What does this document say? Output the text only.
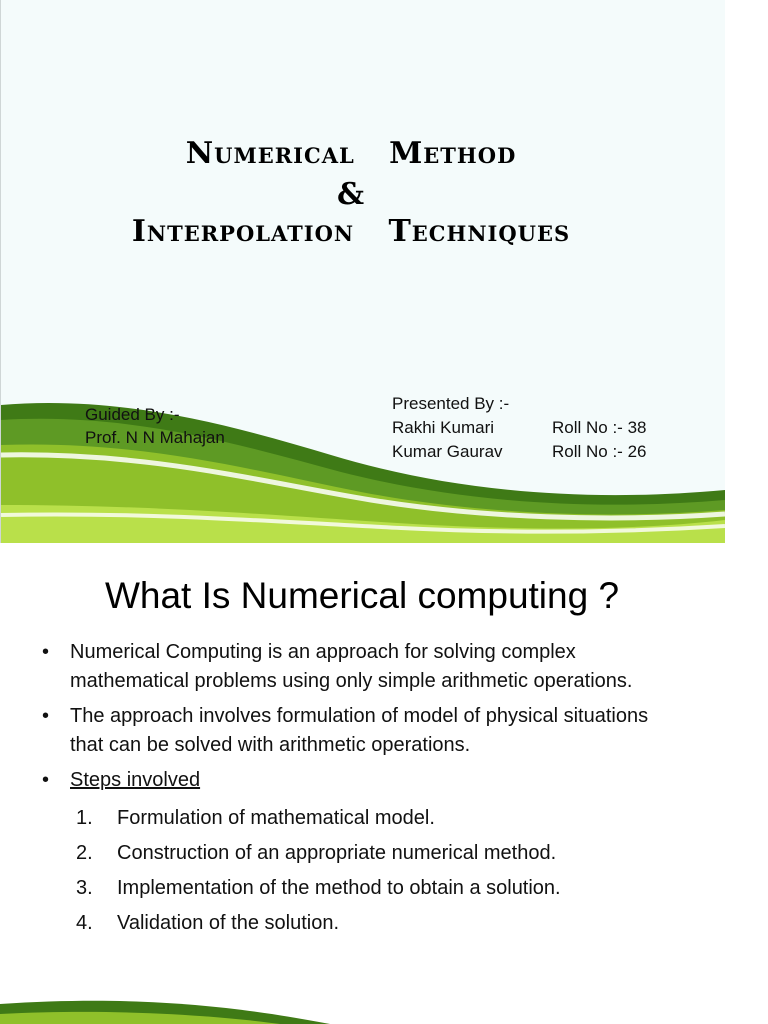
Numerical   Method
&
Interpolation   Techniques
Guided By :-
Prof. N N Mahajan
Presented By :-
Rakhi Kumari	Roll No :- 38
Kumar Gaurav	Roll No :- 26
What Is Numerical computing ?
• Numerical Computing is an approach for solving complex mathematical problems using only simple arithmetic operations.
• The approach involves formulation of model of physical situations that can be solved with arithmetic operations.
• Steps involved
1.	Formulation of mathematical model.
2.	Construction of an appropriate numerical method.
3.	Implementation of the method to obtain a solution.
4.	Validation of the solution.
